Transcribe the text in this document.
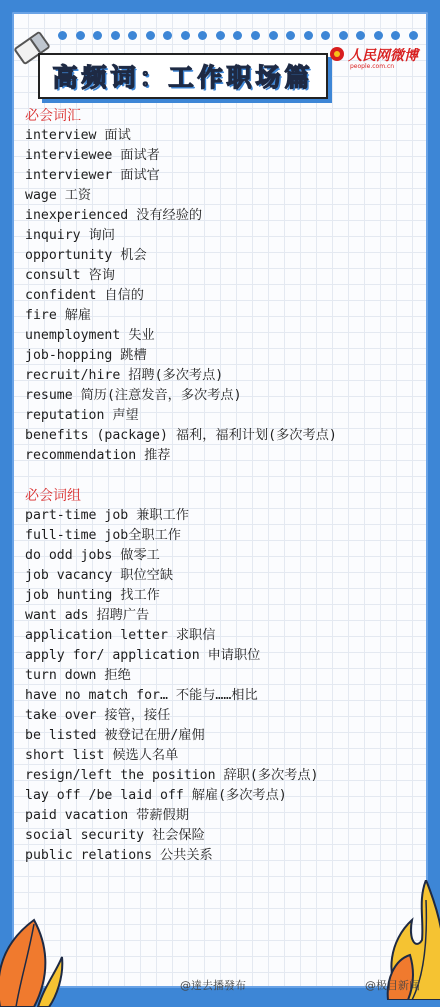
高频词：工作职场篇
人民网微博
people.com.cn
必会词汇
interview 面试
interviewee 面试者
interviewer 面试官
wage 工资
inexperienced 没有经验的
inquiry 询问
opportunity 机会
consult 咨询
confident 自信的
fire 解雇
unemployment 失业
job-hopping 跳槽
recruit/hire 招聘(多次考点)
resume 简历(注意发音，多次考点)
reputation 声望
benefits (package) 福利，福利计划(多次考点)
recommendation 推荐
必会词组
part-time job 兼职工作
full-time job全职工作
do odd jobs 做零工
job vacancy 职位空缺
job hunting 找工作
want ads 招聘广告
application letter 求职信
apply for/ application 申请职位
turn down 拒绝
have no match for… 不能与……相比
take over 接管，接任
be listed 被登记在册/雇佣
short list 候选人名单
resign/left the position 辞职(多次考点)
lay off /be laid off 解雇(多次考点)
paid vacation 带薪假期
social security 社会保险
public relations 公共关系
@達去播發布	@极目新闻
